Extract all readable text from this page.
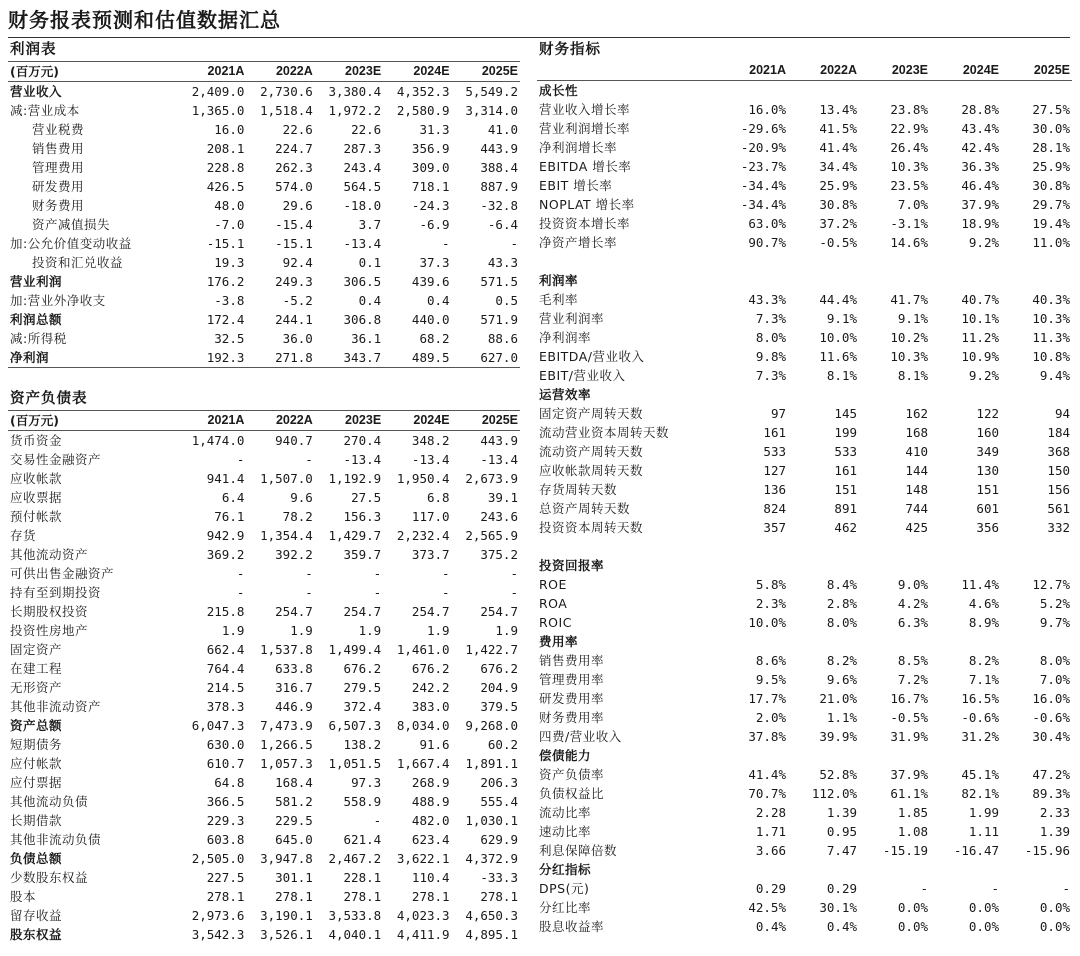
财务报表预测和估值数据汇总
利润表
(百万元)	2021A	2022A	2023E	2024E	2025E
营业收入	2,409.0	2,730.6	3,380.4	4,352.3	5,549.2
减:营业成本	1,365.0	1,518.4	1,972.2	2,580.9	3,314.0
营业税费	16.0	22.6	22.6	31.3	41.0
销售费用	208.1	224.7	287.3	356.9	443.9
管理费用	228.8	262.3	243.4	309.0	388.4
研发费用	426.5	574.0	564.5	718.1	887.9
财务费用	48.0	29.6	-18.0	-24.3	-32.8
资产减值损失	-7.0	-15.4	3.7	-6.9	-6.4
加:公允价值变动收益	-15.1	-15.1	-13.4	-	-
投资和汇兑收益	19.3	92.4	0.1	37.3	43.3
营业利润	176.2	249.3	306.5	439.6	571.5
加:营业外净收支	-3.8	-5.2	0.4	0.4	0.5
利润总额	172.4	244.1	306.8	440.0	571.9
减:所得税	32.5	36.0	36.1	68.2	88.6
净利润	192.3	271.8	343.7	489.5	627.0
资产负债表
(百万元)	2021A	2022A	2023E	2024E	2025E
货币资金	1,474.0	940.7	270.4	348.2	443.9
交易性金融资产	-	-	-13.4	-13.4	-13.4
应收帐款	941.4	1,507.0	1,192.9	1,950.4	2,673.9
应收票据	6.4	9.6	27.5	6.8	39.1
预付帐款	76.1	78.2	156.3	117.0	243.6
存货	942.9	1,354.4	1,429.7	2,232.4	2,565.9
其他流动资产	369.2	392.2	359.7	373.7	375.2
可供出售金融资产	-	-	-	-	-
持有至到期投资	-	-	-	-	-
长期股权投资	215.8	254.7	254.7	254.7	254.7
投资性房地产	1.9	1.9	1.9	1.9	1.9
固定资产	662.4	1,537.8	1,499.4	1,461.0	1,422.7
在建工程	764.4	633.8	676.2	676.2	676.2
无形资产	214.5	316.7	279.5	242.2	204.9
其他非流动资产	378.3	446.9	372.4	383.0	379.5
资产总额	6,047.3	7,473.9	6,507.3	8,034.0	9,268.0
短期债务	630.0	1,266.5	138.2	91.6	60.2
应付帐款	610.7	1,057.3	1,051.5	1,667.4	1,891.1
应付票据	64.8	168.4	97.3	268.9	206.3
其他流动负债	366.5	581.2	558.9	488.9	555.4
长期借款	229.3	229.5	-	482.0	1,030.1
其他非流动负债	603.8	645.0	621.4	623.4	629.9
负债总额	2,505.0	3,947.8	2,467.2	3,622.1	4,372.9
少数股东权益	227.5	301.1	228.1	110.4	-33.3
股本	278.1	278.1	278.1	278.1	278.1
留存收益	2,973.6	3,190.1	3,533.8	4,023.3	4,650.3
股东权益	3,542.3	3,526.1	4,040.1	4,411.9	4,895.1
财务指标
	2021A	2022A	2023E	2024E	2025E
成长性					
营业收入增长率	16.0%	13.4%	23.8%	28.8%	27.5%
营业利润增长率	-29.6%	41.5%	22.9%	43.4%	30.0%
净利润增长率	-20.9%	41.4%	26.4%	42.4%	28.1%
EBITDA 增长率	-23.7%	34.4%	10.3%	36.3%	25.9%
EBIT 增长率	-34.4%	25.9%	23.5%	46.4%	30.8%
NOPLAT 增长率	-34.4%	30.8%	7.0%	37.9%	29.7%
投资资本增长率	63.0%	37.2%	-3.1%	18.9%	19.4%
净资产增长率	90.7%	-0.5%	14.6%	9.2%	11.0%

利润率					
毛利率	43.3%	44.4%	41.7%	40.7%	40.3%
营业利润率	7.3%	9.1%	9.1%	10.1%	10.3%
净利润率	8.0%	10.0%	10.2%	11.2%	11.3%
EBITDA/营业收入	9.8%	11.6%	10.3%	10.9%	10.8%
EBIT/营业收入	7.3%	8.1%	8.1%	9.2%	9.4%
运营效率					
固定资产周转天数	97	145	162	122	94
流动营业资本周转天数	161	199	168	160	184
流动资产周转天数	533	533	410	349	368
应收帐款周转天数	127	161	144	130	150
存货周转天数	136	151	148	151	156
总资产周转天数	824	891	744	601	561
投资资本周转天数	357	462	425	356	332

投资回报率					
ROE	5.8%	8.4%	9.0%	11.4%	12.7%
ROA	2.3%	2.8%	4.2%	4.6%	5.2%
ROIC	10.0%	8.0%	6.3%	8.9%	9.7%
费用率					
销售费用率	8.6%	8.2%	8.5%	8.2%	8.0%
管理费用率	9.5%	9.6%	7.2%	7.1%	7.0%
研发费用率	17.7%	21.0%	16.7%	16.5%	16.0%
财务费用率	2.0%	1.1%	-0.5%	-0.6%	-0.6%
四费/营业收入	37.8%	39.9%	31.9%	31.2%	30.4%
偿债能力					
资产负债率	41.4%	52.8%	37.9%	45.1%	47.2%
负债权益比	70.7%	112.0%	61.1%	82.1%	89.3%
流动比率	2.28	1.39	1.85	1.99	2.33
速动比率	1.71	0.95	1.08	1.11	1.39
利息保障倍数	3.66	7.47	-15.19	-16.47	-15.96
分红指标					
DPS(元)	0.29	0.29	-	-	-
分红比率	42.5%	30.1%	0.0%	0.0%	0.0%
股息收益率	0.4%	0.4%	0.0%	0.0%	0.0%
